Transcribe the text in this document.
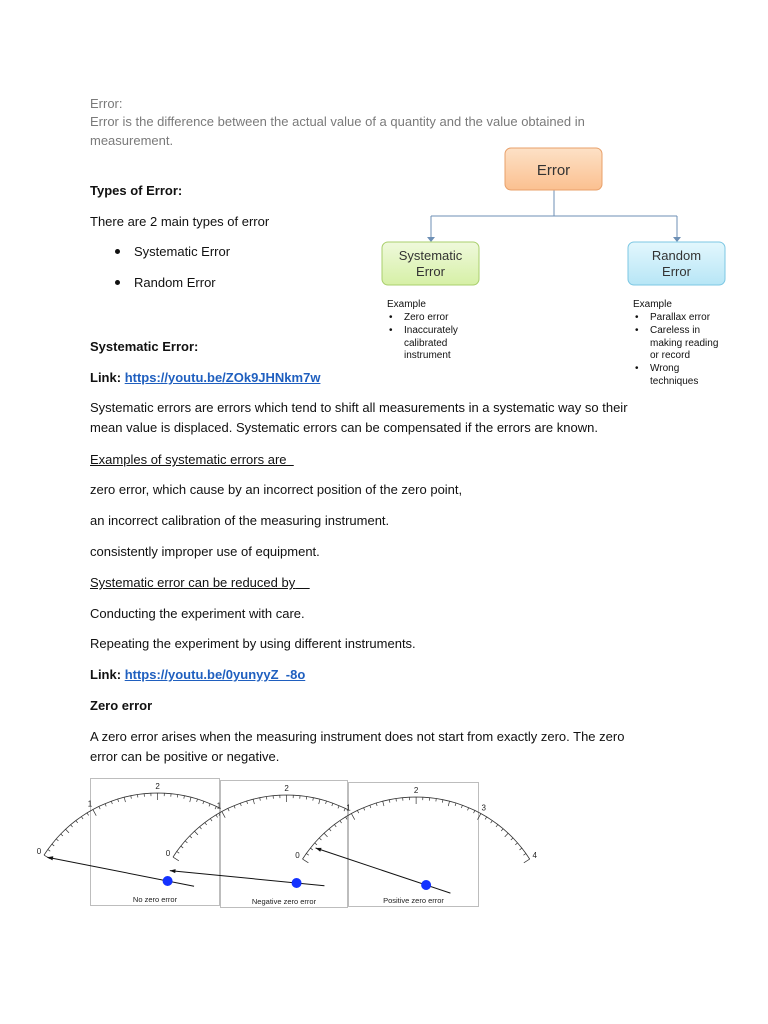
Error:

Error is the difference between the actual value of a quantity and the value obtained in

measurement.

Types of Error:

There are 2 main types of error

Systematic Error
Random Error
Error
Systematic
Error
Random
Error
Example
• Zero error
• Inaccurately
calibrated
instrument
Example
• Parallax error
• Careless in
making reading
or record
• Wrong
techniques

Systematic Error:

Link: https://youtu.be/ZOk9JHNkm7w

Systematic errors are errors which tend to shift all measurements in a systematic way so their

mean value is displaced. Systematic errors can be compensated if the errors are known.

Examples of systematic errors are

zero error, which cause by an incorrect position of the zero point,

an incorrect calibration of the measuring instrument.

consistently improper use of equipment.

Systematic error can be reduced by

Conducting the experiment with care.

Repeating the experiment by using different instruments.

Link: https://youtu.be/0yunyyZ_-8o

Zero error

A zero error arises when the measuring instrument does not start from exactly zero. The zero

error can be positive or negative.

0
1
2
No zero error
0
1
2
Negative zero error
0
1
2
3
4
Positive zero error
